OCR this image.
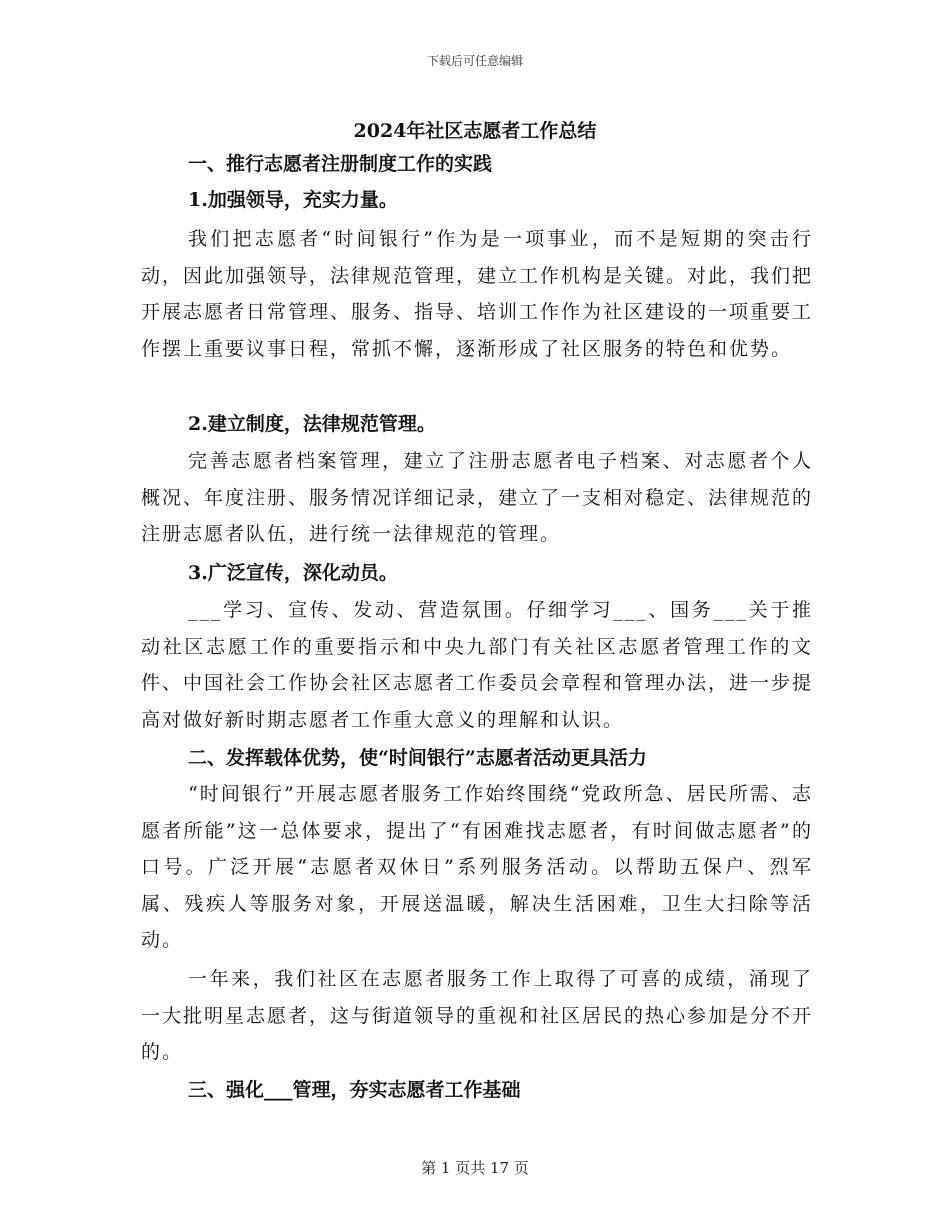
下载后可任意编辑
2024年社区志愿者工作总结
一、推行志愿者注册制度工作的实践
1.加强领导，充实力量。
我们把志愿者“时间银行”作为是一项事业，而不是短期的突击行动，因此加强领导，法律规范管理，建立工作机构是关键。对此，我们把开展志愿者日常管理、服务、指导、培训工作作为社区建设的一项重要工作摆上重要议事日程，常抓不懈，逐渐形成了社区服务的特色和优势。
2.建立制度，法律规范管理。
完善志愿者档案管理，建立了注册志愿者电子档案、对志愿者个人概况、年度注册、服务情况详细记录，建立了一支相对稳定、法律规范的注册志愿者队伍，进行统一法律规范的管理。
3.广泛宣传，深化动员。
___学习、宣传、发动、营造氛围。仔细学习___、国务___关于推动社区志愿工作的重要指示和中央九部门有关社区志愿者管理工作的文件、中国社会工作协会社区志愿者工作委员会章程和管理办法，进一步提高对做好新时期志愿者工作重大意义的理解和认识。
二、发挥载体优势，使“时间银行”志愿者活动更具活力
“时间银行”开展志愿者服务工作始终围绕“党政所急、居民所需、志愿者所能”这一总体要求，提出了“有困难找志愿者，有时间做志愿者”的口号。广泛开展“志愿者双休日”系列服务活动。以帮助五保户、烈军属、残疾人等服务对象，开展送温暖，解决生活困难，卫生大扫除等活动。
一年来，我们社区在志愿者服务工作上取得了可喜的成绩，涌现了一大批明星志愿者，这与街道领导的重视和社区居民的热心参加是分不开的。
三、强化___管理，夯实志愿者工作基础
第 1 页共 17 页
